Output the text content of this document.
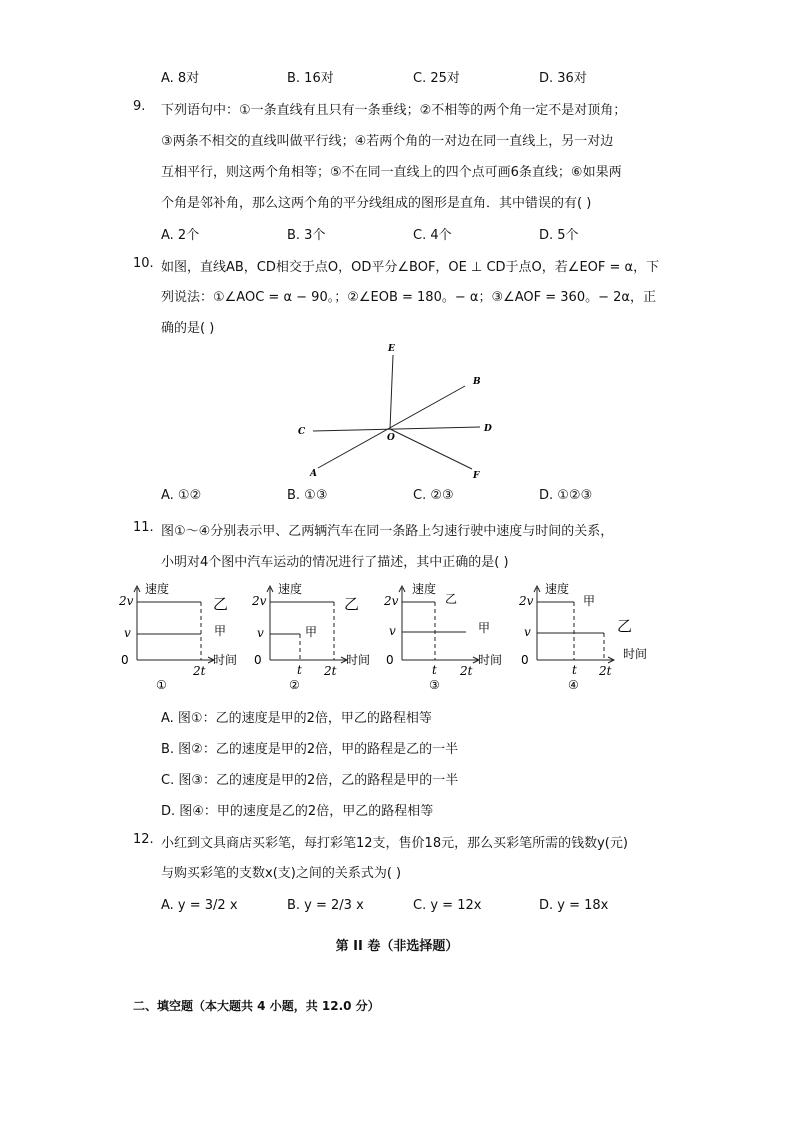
A. 8对	B. 16对	C. 25对	D. 36对
9. 下列语句中：①一条直线有且只有一条垂线；②不相等的两个角一定不是对顶角；
③两条不相交的直线叫做平行线；④若两个角的一对边在同一直线上，另一对边
互相平行，则这两个角相等；⑤不在同一直线上的四个点可画6条直线；⑥如果两
个角是邻补角，那么这两个角的平分线组成的图形是直角．其中错误的有( )
A. 2个	B. 3个	C. 4个	D. 5个
10. 如图，直线AB，CD相交于点O，OD平分∠BOF，OE ⊥ CD于点O，若∠EOF = α，下
列说法：①∠AOC = α − 90。；②∠EOB = 180。− α；③∠AOF = 360。− 2α，正
确的是( )
E
B
C	D
O
A	F
A. ①②	B. ①③	C. ②③	D. ①②③
11. 图①～④分别表示甲、乙两辆汽车在同一条路上匀速行驶中速度与时间的关系，
小明对4个图中汽车运动的情况进行了描述，其中正确的是( )
速度
2v
v
0
2t
时间
乙
甲
①
速度
2v
v
0
t 2t
时间
乙
甲
②
速度
2v
v
0
t 2t
时间
乙
甲
③
速度
2v
v
0
t 2t
时间
甲
乙
④
A. 图①：乙的速度是甲的2倍，甲乙的路程相等
B. 图②：乙的速度是甲的2倍，甲的路程是乙的一半
C. 图③：乙的速度是甲的2倍，乙的路程是甲的一半
D. 图④：甲的速度是乙的2倍，甲乙的路程相等
12. 小红到文具商店买彩笔，每打彩笔12支，售价18元，那么买彩笔所需的钱数y(元)
与购买彩笔的支数x(支)之间的关系式为( )
A. y = 3/2 x	B. y = 2/3 x	C. y = 12x	D. y = 18x
第 II 卷（非选择题）
二、填空题（本大题共 4 小题，共 12.0 分）
